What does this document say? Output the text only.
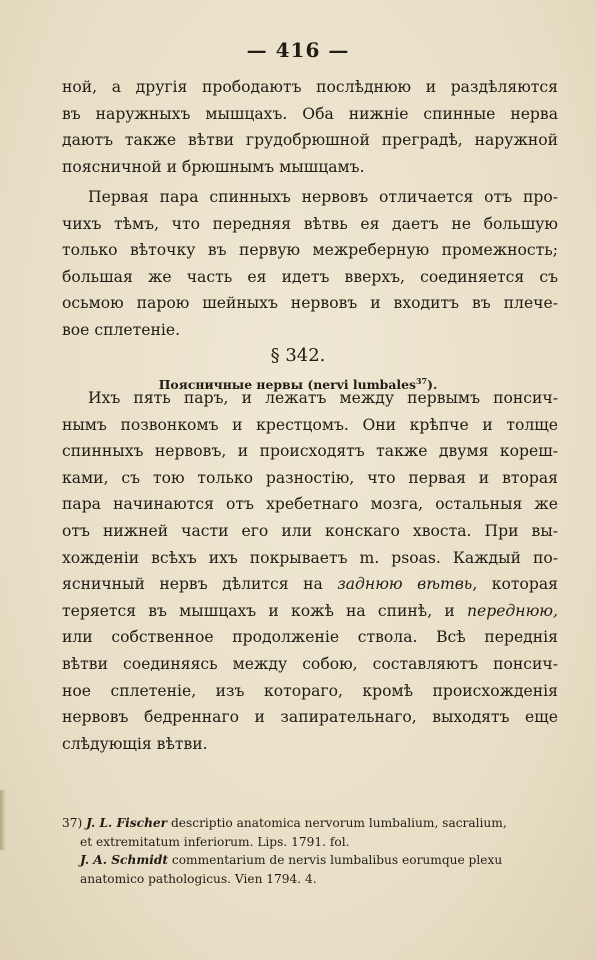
— 416 —
ной, а другія прободаютъ послѣднюю и раздѣляются
въ наружныхъ мышцахъ. Оба нижніе спинные нерва
даютъ также вѣтви грудобрюшной преградѣ, наружной
поясничной и брюшнымъ мышцамъ.
Первая пара спинныхъ нервовъ отличается отъ про-
чихъ тѣмъ, что передняя вѣтвь ея даетъ не большую
только вѣточку въ первую межреберную промежность;
большая же часть ея идетъ вверхъ, соединяется съ
осьмою парою шейныхъ нервовъ и входитъ въ плече-
вое сплетеніе.
§ 342.
Поясничные нервы (nervi lumbales$^{37}$).
Ихъ пять паръ, и лежатъ между первымъ понсич-
нымъ позвонкомъ и крестцомъ. Они крѣпче и толще
спинныхъ нервовъ, и происходятъ также двумя кореш-
ками, съ тою только разностію, что первая и вторая
пара начинаются отъ хребетнаго мозга, остальныя же
отъ нижней части его или конскаго хвоста. При вы-
хожденіи всѣхъ ихъ покрываетъ m. psoas. Каждый по-
ясничный нервъ дѣлится на заднюю вѣтвь, которая
теряется въ мышцахъ и кожѣ на спинѣ, и переднюю,
или собственное продолженіе ствола. Всѣ переднія
вѣтви соединяясь между собою, составляютъ понсич-
ное сплетеніе, изъ котораго, кромѣ происхожденія
нервовъ бедреннаго и запирательнаго, выходятъ еще
слѣдующія вѣтви.
37) J. L. Fischer descriptio anatomica nervorum lumbalium, sacralium,
et extremitatum inferiorum. Lips. 1791. fol.
J. A. Schmidt commentarium de nervis lumbalibus eorumque plexu
anatomico pathologicus. Vien 1794. 4.
